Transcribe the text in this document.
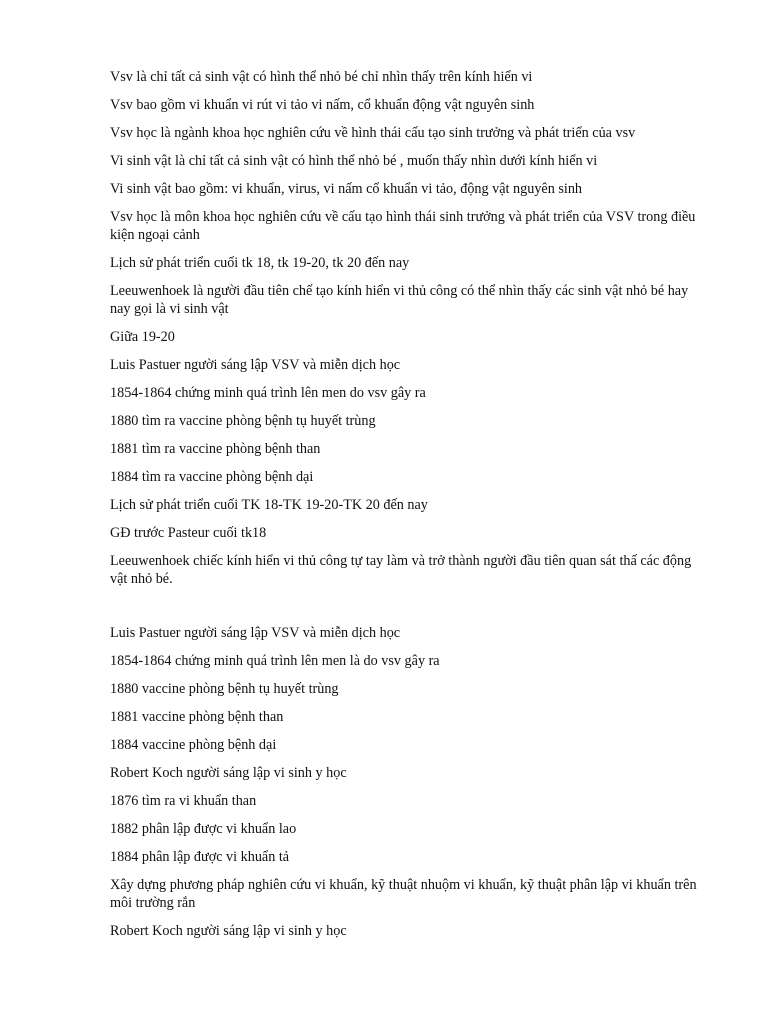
Vsv là chỉ tất cả sinh vật có hình thể nhỏ bé chỉ nhìn thấy trên kính hiển vi

Vsv bao gồm vi khuẩn vi rút vi tảo vi nấm, cổ khuẩn động vật nguyên sinh

Vsv học là ngành khoa học nghiên cứu về hình thái cấu tạo sinh trưởng và phát triển của vsv

Vi sinh vật là chỉ tất cả sinh vật có hình thể nhỏ bé , muốn thấy nhìn dưới kính hiển vi

Vi sinh vật bao gồm: vi khuẩn, virus, vi nấm cổ khuẩn vi tảo, động vật nguyên sinh

Vsv học là môn khoa học nghiên cứu về cấu tạo hình thái sinh trưởng và phát triển của VSV trong điều kiện ngoại cảnh

Lịch sử phát triển cuối tk 18, tk 19-20, tk 20 đến nay

Leeuwenhoek là người đầu tiên chế tạo kính hiển vi thủ công có thể nhìn thấy các sinh vật nhỏ bé hay nay gọi là vi sinh vật

Giữa 19-20

Luis Pastuer người sáng lập VSV và miễn dịch học

1854-1864 chứng minh quá trình lên men do vsv gây ra

1880 tìm ra vaccine phòng bệnh tụ huyết trùng

1881 tìm ra vaccine phòng bệnh than

1884 tìm ra vaccine phòng bệnh dại

Lịch sử phát triển cuối TK 18-TK 19-20-TK 20 đến nay

GĐ trước Pasteur cuối tk18

Leeuwenhoek chiếc kính hiển vi thủ công tự tay làm và trở thành người đầu tiên quan sát thấ các động vật nhỏ bé.

Luis Pastuer người sáng lập VSV và miễn dịch học

1854-1864 chứng minh quá trình lên men là do vsv gây ra

1880 vaccine phòng bệnh tụ huyết trùng

1881 vaccine phòng bệnh than

1884 vaccine phòng bệnh dại

Robert Koch người sáng lập vi sinh y học

1876 tìm ra vi khuẩn than

1882 phân lập được vi khuẩn lao

1884 phân lập được vi khuẩn tả

Xây dựng phương pháp nghiên cứu vi khuẩn, kỹ thuật nhuộm vi khuẩn, kỹ thuật phân lập vi khuẩn trên môi trường rắn

Robert Koch người sáng lập vi sinh y học
